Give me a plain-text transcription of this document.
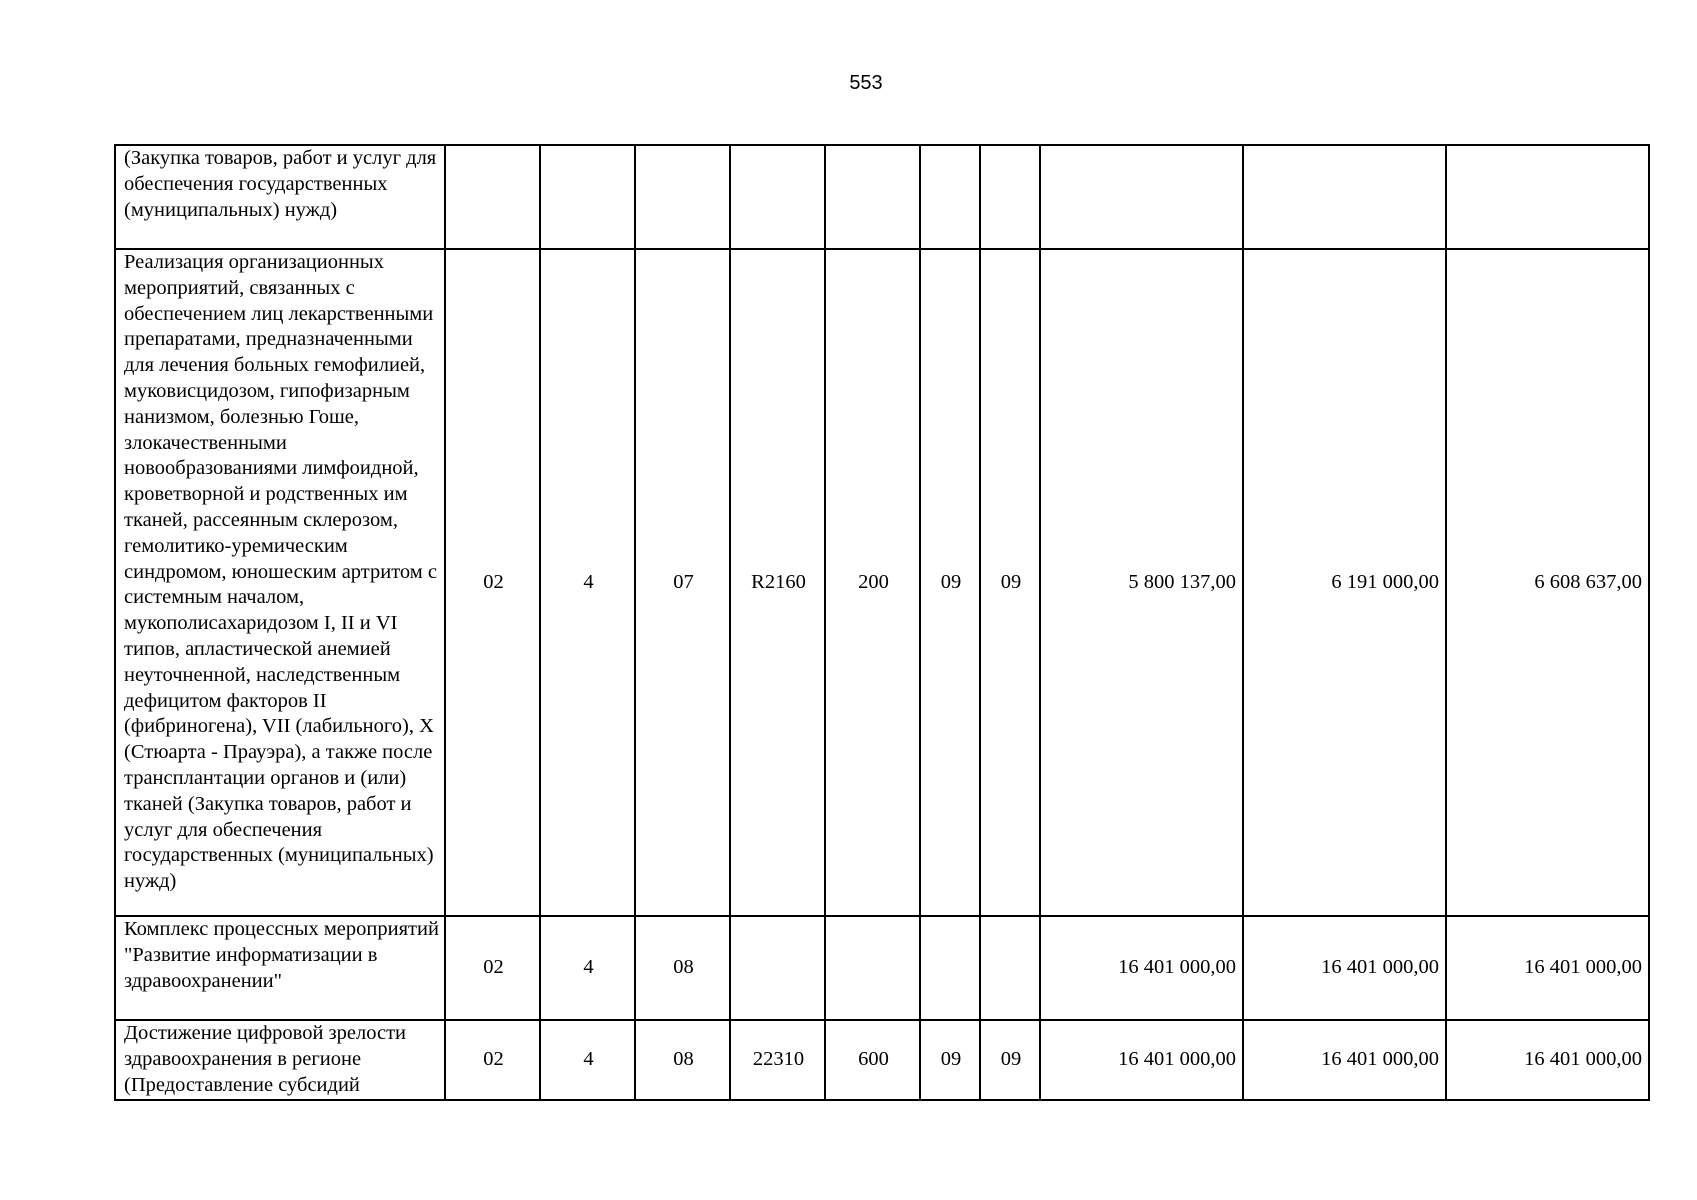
553
(Закупка товаров, работ и услуг для обеспечения государственных (муниципальных) нужд)										
Реализация организационных мероприятий, связанных с обеспечением лиц лекарственными препаратами, предназначенными для лечения больных гемофилией, муковисцидозом, гипофизарным нанизмом, болезнью Гоше, злокачественными новообразованиями лимфоидной, кроветворной и родственных им тканей, рассеянным склерозом, гемолитико-уремическим синдромом, юношеским артритом с системным началом, мукополисахаридозом I, II и VI типов, апластической анемией неуточненной, наследственным дефицитом факторов II (фибриногена), VII (лабильного), X (Стюарта - Прауэра), а также после трансплантации органов и (или) тканей (Закупка товаров, работ и услуг для обеспечения государственных (муниципальных) нужд)	02	4	07	R2160	200	09	09	5 800 137,00	6 191 000,00	6 608 637,00
Комплекс процессных мероприятий "Развитие информатизации в здравоохранении"	02	4	08					16 401 000,00	16 401 000,00	16 401 000,00
Достижение цифровой зрелости здравоохранения в регионе (Предоставление субсидий	02	4	08	22310	600	09	09	16 401 000,00	16 401 000,00	16 401 000,00
